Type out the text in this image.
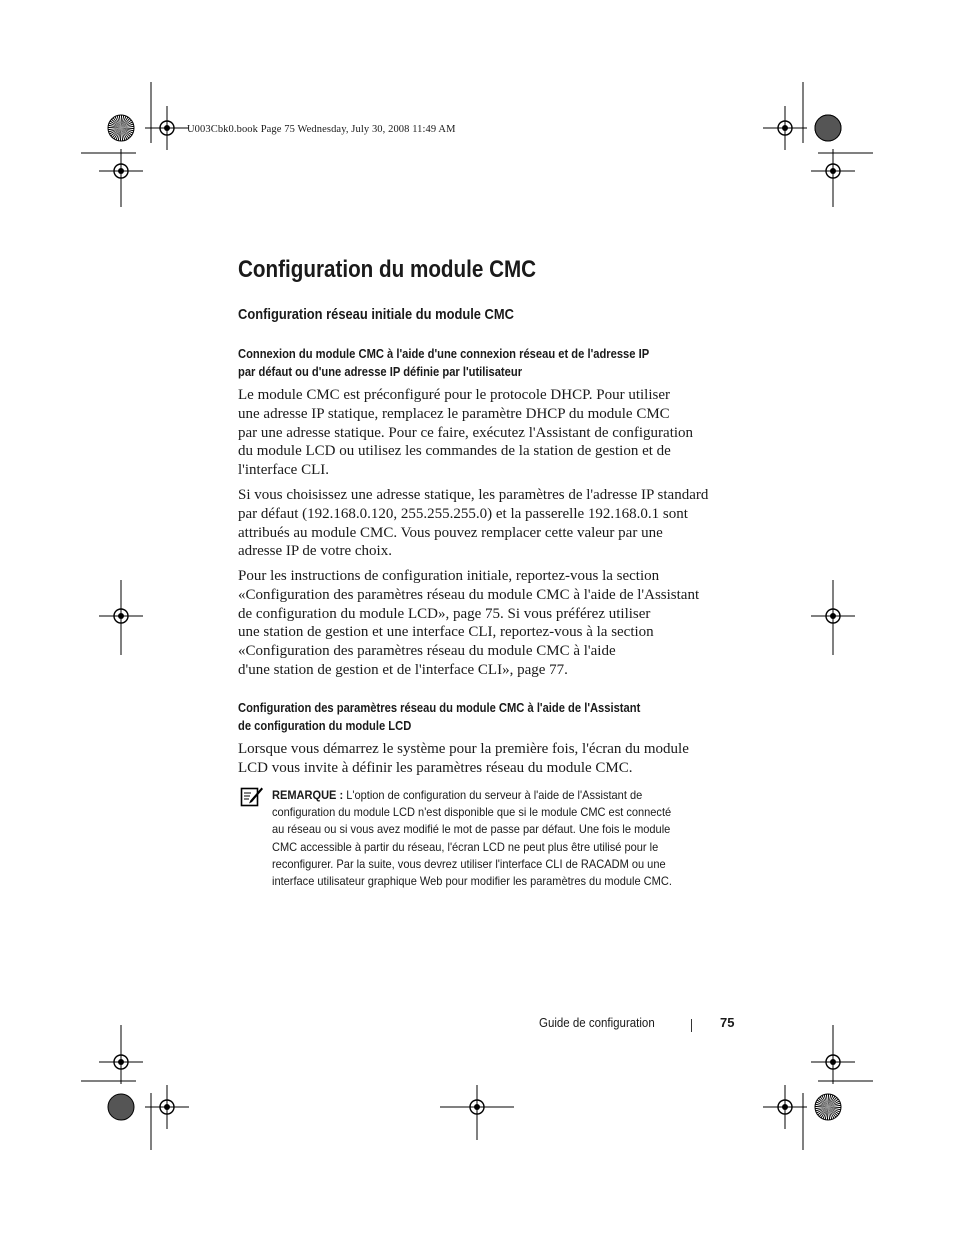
U003Cbk0.book Page 75 Wednesday, July 30, 2008 11:49 AM
Configuration du module CMC
Configuration réseau initiale du module CMC
Connexion du module CMC à l'aide d'une connexion réseau et de l'adresse IP
par défaut ou d'une adresse IP définie par l'utilisateur
Le module CMC est préconfiguré pour le protocole DHCP. Pour utiliser
une adresse IP statique, remplacez le paramètre DHCP du module CMC
par une adresse statique. Pour ce faire, exécutez l'Assistant de configuration
du module LCD ou utilisez les commandes de la station de gestion et de
l'interface CLI.
Si vous choisissez une adresse statique, les paramètres de l'adresse IP standard
par défaut (192.168.0.120, 255.255.255.0) et la passerelle 192.168.0.1 sont
attribués au module CMC. Vous pouvez remplacer cette valeur par une
adresse IP de votre choix.
Pour les instructions de configuration initiale, reportez-vous la section
«Configuration des paramètres réseau du module CMC à l'aide de l'Assistant
de configuration du module LCD», page 75. Si vous préférez utiliser
une station de gestion et une interface CLI, reportez-vous à la section
«Configuration des paramètres réseau du module CMC à l'aide
d'une station de gestion et de l'interface CLI», page 77.
Configuration des paramètres réseau du module CMC à l'aide de l'Assistant
de configuration du module LCD
Lorsque vous démarrez le système pour la première fois, l'écran du module
LCD vous invite à définir les paramètres réseau du module CMC.
REMARQUE : L'option de configuration du serveur à l'aide de l'Assistant de
configuration du module LCD n'est disponible que si le module CMC est connecté
au réseau ou si vous avez modifié le mot de passe par défaut. Une fois le module
CMC accessible à partir du réseau, l'écran LCD ne peut plus être utilisé pour le
reconfigurer. Par la suite, vous devrez utiliser l'interface CLI de RACADM ou une
interface utilisateur graphique Web pour modifier les paramètres du module CMC.
Guide de configuration	75
